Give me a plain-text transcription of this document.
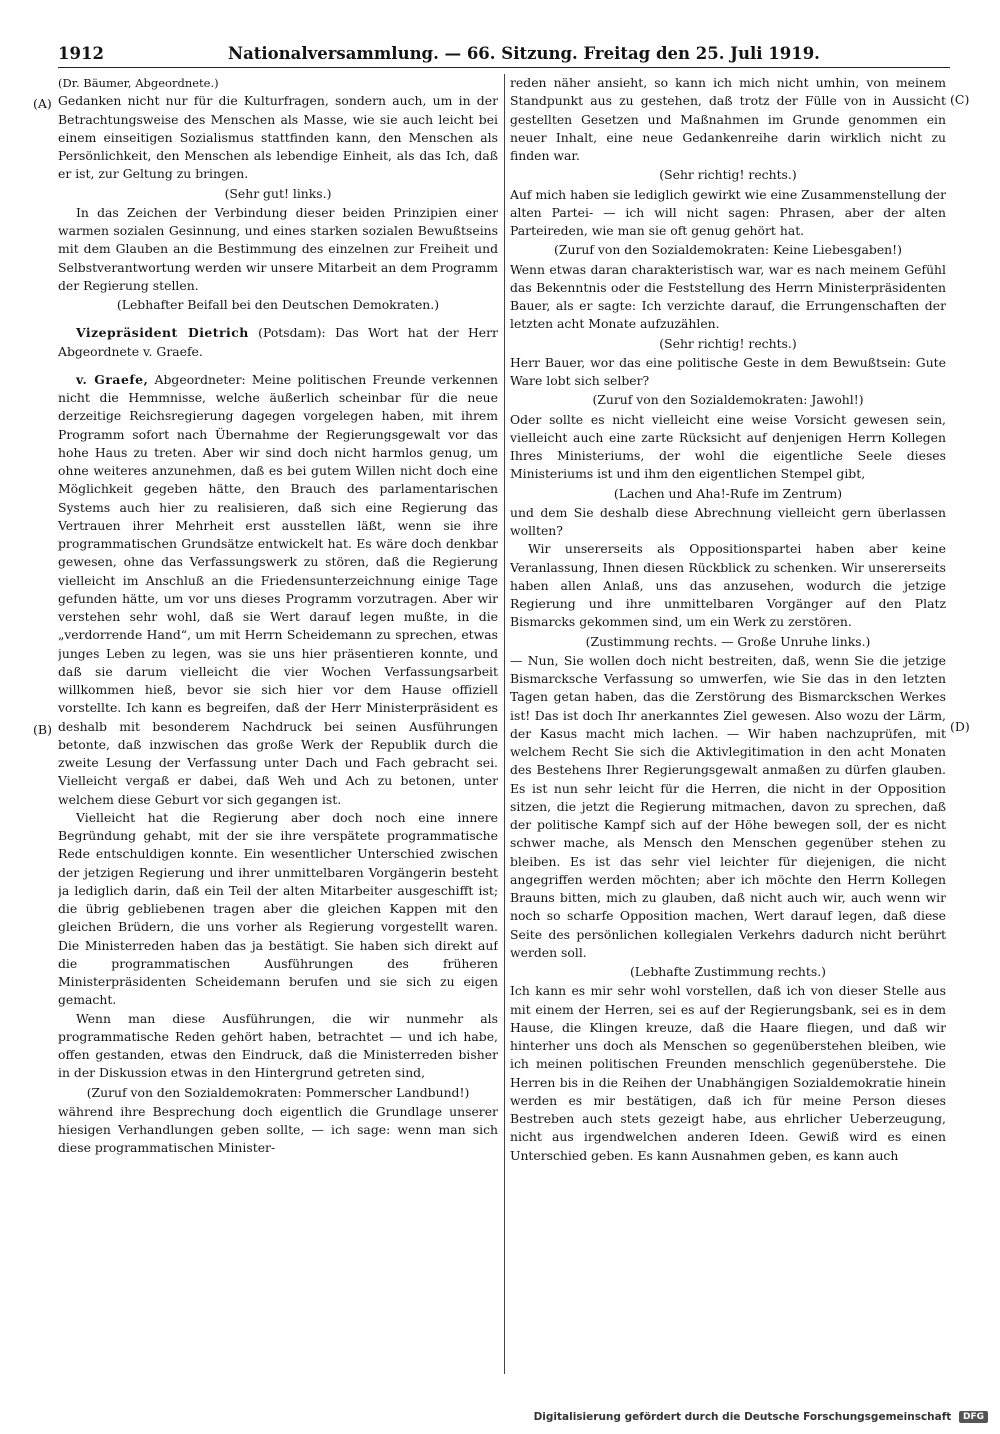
1912	Nationalversammlung. — 66. Sitzung. Freitag den 25. Juli 1919.
(A)
(B)
(C)
(D)

(Dr. Bäumer, Abgeordnete.)

Gedanken nicht nur für die Kulturfragen, sondern auch, um in der Betrachtungsweise des Menschen als Masse, wie sie auch leicht bei einem einseitigen Sozialismus stattfinden kann, den Menschen als Persönlichkeit, den Menschen als lebendige Einheit, als das Ich, daß er ist, zur Geltung zu bringen.

(Sehr gut! links.)

In das Zeichen der Verbindung dieser beiden Prinzipien einer warmen sozialen Gesinnung, und eines starken sozialen Bewußtseins mit dem Glauben an die Bestimmung des einzelnen zur Freiheit und Selbstverantwortung werden wir unsere Mitarbeit an dem Programm der Regierung stellen.

(Lebhafter Beifall bei den Deutschen Demokraten.)

Vizepräsident Dietrich (Potsdam): Das Wort hat der Herr Abgeordnete v. Graefe.

v. Graefe, Abgeordneter: Meine politischen Freunde verkennen nicht die Hemmnisse, welche äußerlich scheinbar für die neue derzeitige Reichsregierung dagegen vorgelegen haben, mit ihrem Programm sofort nach Übernahme der Regierungsgewalt vor das hohe Haus zu treten. Aber wir sind doch nicht harmlos genug, um ohne weiteres anzunehmen, daß es bei gutem Willen nicht doch eine Möglichkeit gegeben hätte, den Brauch des parlamentarischen Systems auch hier zu realisieren, daß sich eine Regierung das Vertrauen ihrer Mehrheit erst ausstellen läßt, wenn sie ihre programmatischen Grundsätze entwickelt hat. Es wäre doch denkbar gewesen, ohne das Verfassungswerk zu stören, daß die Regierung vielleicht im Anschluß an die Friedensunterzeichnung einige Tage gefunden hätte, um vor uns dieses Programm vorzutragen. Aber wir verstehen sehr wohl, daß sie Wert darauf legen mußte, in die „verdorrende Hand“, um mit Herrn Scheidemann zu sprechen, etwas junges Leben zu legen, was sie uns hier präsentieren konnte, und daß sie darum vielleicht die vier Wochen Verfassungsarbeit willkommen hieß, bevor sie sich hier vor dem Hause offiziell vorstellte. Ich kann es begreifen, daß der Herr Ministerpräsident es deshalb mit besonderem Nachdruck bei seinen Ausführungen betonte, daß inzwischen das große Werk der Republik durch die zweite Lesung der Verfassung unter Dach und Fach gebracht sei. Vielleicht vergaß er dabei, daß Weh und Ach zu betonen, unter welchem diese Geburt vor sich gegangen ist.

Vielleicht hat die Regierung aber doch noch eine innere Begründung gehabt, mit der sie ihre verspätete programmatische Rede entschuldigen konnte. Ein wesentlicher Unterschied zwischen der jetzigen Regierung und ihrer unmittelbaren Vorgängerin besteht ja lediglich darin, daß ein Teil der alten Mitarbeiter ausgeschifft ist; die übrig gebliebenen tragen aber die gleichen Kappen mit den gleichen Brüdern, die uns vorher als Regierung vorgestellt waren. Die Ministerreden haben das ja bestätigt. Sie haben sich direkt auf die programmatischen Ausführungen des früheren Ministerpräsidenten Scheidemann berufen und sie sich zu eigen gemacht.

Wenn man diese Ausführungen, die wir nunmehr als programmatische Reden gehört haben, betrachtet — und ich habe, offen gestanden, etwas den Eindruck, daß die Ministerreden bisher in der Diskussion etwas in den Hintergrund getreten sind,

(Zuruf von den Sozialdemokraten: Pommerscher Landbund!)

während ihre Besprechung doch eigentlich die Grundlage unserer hiesigen Verhandlungen geben sollte, — ich sage: wenn man sich diese programmatischen Minister-

reden näher ansieht, so kann ich mich nicht umhin, von meinem Standpunkt aus zu gestehen, daß trotz der Fülle von in Aussicht gestellten Gesetzen und Maßnahmen im Grunde genommen ein neuer Inhalt, eine neue Gedankenreihe darin wirklich nicht zu finden war.

(Sehr richtig! rechts.)

Auf mich haben sie lediglich gewirkt wie eine Zusammenstellung der alten Partei- — ich will nicht sagen: Phrasen, aber der alten Parteireden, wie man sie oft genug gehört hat.

(Zuruf von den Sozialdemokraten: Keine Liebesgaben!)

Wenn etwas daran charakteristisch war, war es nach meinem Gefühl das Bekenntnis oder die Feststellung des Herrn Ministerpräsidenten Bauer, als er sagte: Ich verzichte darauf, die Errungenschaften der letzten acht Monate aufzuzählen.

(Sehr richtig! rechts.)

Herr Bauer, wor das eine politische Geste in dem Bewußtsein: Gute Ware lobt sich selber?

(Zuruf von den Sozialdemokraten: Jawohl!)

Oder sollte es nicht vielleicht eine weise Vorsicht gewesen sein, vielleicht auch eine zarte Rücksicht auf denjenigen Herrn Kollegen Ihres Ministeriums, der wohl die eigentliche Seele dieses Ministeriums ist und ihm den eigentlichen Stempel gibt,

(Lachen und Aha!-Rufe im Zentrum)

und dem Sie deshalb diese Abrechnung vielleicht gern überlassen wollten?

Wir unsererseits als Oppositionspartei haben aber keine Veranlassung, Ihnen diesen Rückblick zu schenken. Wir unsererseits haben allen Anlaß, uns das anzusehen, wodurch die jetzige Regierung und ihre unmittelbaren Vorgänger auf den Platz Bismarcks gekommen sind, um ein Werk zu zerstören.

(Zustimmung rechts. — Große Unruhe links.)

— Nun, Sie wollen doch nicht bestreiten, daß, wenn Sie die jetzige Bismarcksche Verfassung so umwerfen, wie Sie das in den letzten Tagen getan haben, das die Zerstörung des Bismarckschen Werkes ist! Das ist doch Ihr anerkanntes Ziel gewesen. Also wozu der Lärm, der Kasus macht mich lachen. — Wir haben nachzuprüfen, mit welchem Recht Sie sich die Aktivlegitimation in den acht Monaten des Bestehens Ihrer Regierungsgewalt anmaßen zu dürfen glauben. Es ist nun sehr leicht für die Herren, die nicht in der Opposition sitzen, die jetzt die Regierung mitmachen, davon zu sprechen, daß der politische Kampf sich auf der Höhe bewegen soll, der es nicht schwer mache, als Mensch den Menschen gegenüber stehen zu bleiben. Es ist das sehr viel leichter für diejenigen, die nicht angegriffen werden möchten; aber ich möchte den Herrn Kollegen Brauns bitten, mich zu glauben, daß nicht auch wir, auch wenn wir noch so scharfe Opposition machen, Wert darauf legen, daß diese Seite des persönlichen kollegialen Verkehrs dadurch nicht berührt werden soll.

(Lebhafte Zustimmung rechts.)

Ich kann es mir sehr wohl vorstellen, daß ich von dieser Stelle aus mit einem der Herren, sei es auf der Regierungsbank, sei es in dem Hause, die Klingen kreuze, daß die Haare fliegen, und daß wir hinterher uns doch als Menschen so gegenüberstehen bleiben, wie ich meinen politischen Freunden menschlich gegenüberstehe. Die Herren bis in die Reihen der Unabhängigen Sozialdemokratie hinein werden es mir bestätigen, daß ich für meine Person dieses Bestreben auch stets gezeigt habe, aus ehrlicher Ueberzeugung, nicht aus irgendwelchen anderen Ideen. Gewiß wird es einen Unterschied geben. Es kann Ausnahmen geben, es kann auch

Digitalisierung gefördert durch die Deutsche Forschungsgemeinschaft DFG
